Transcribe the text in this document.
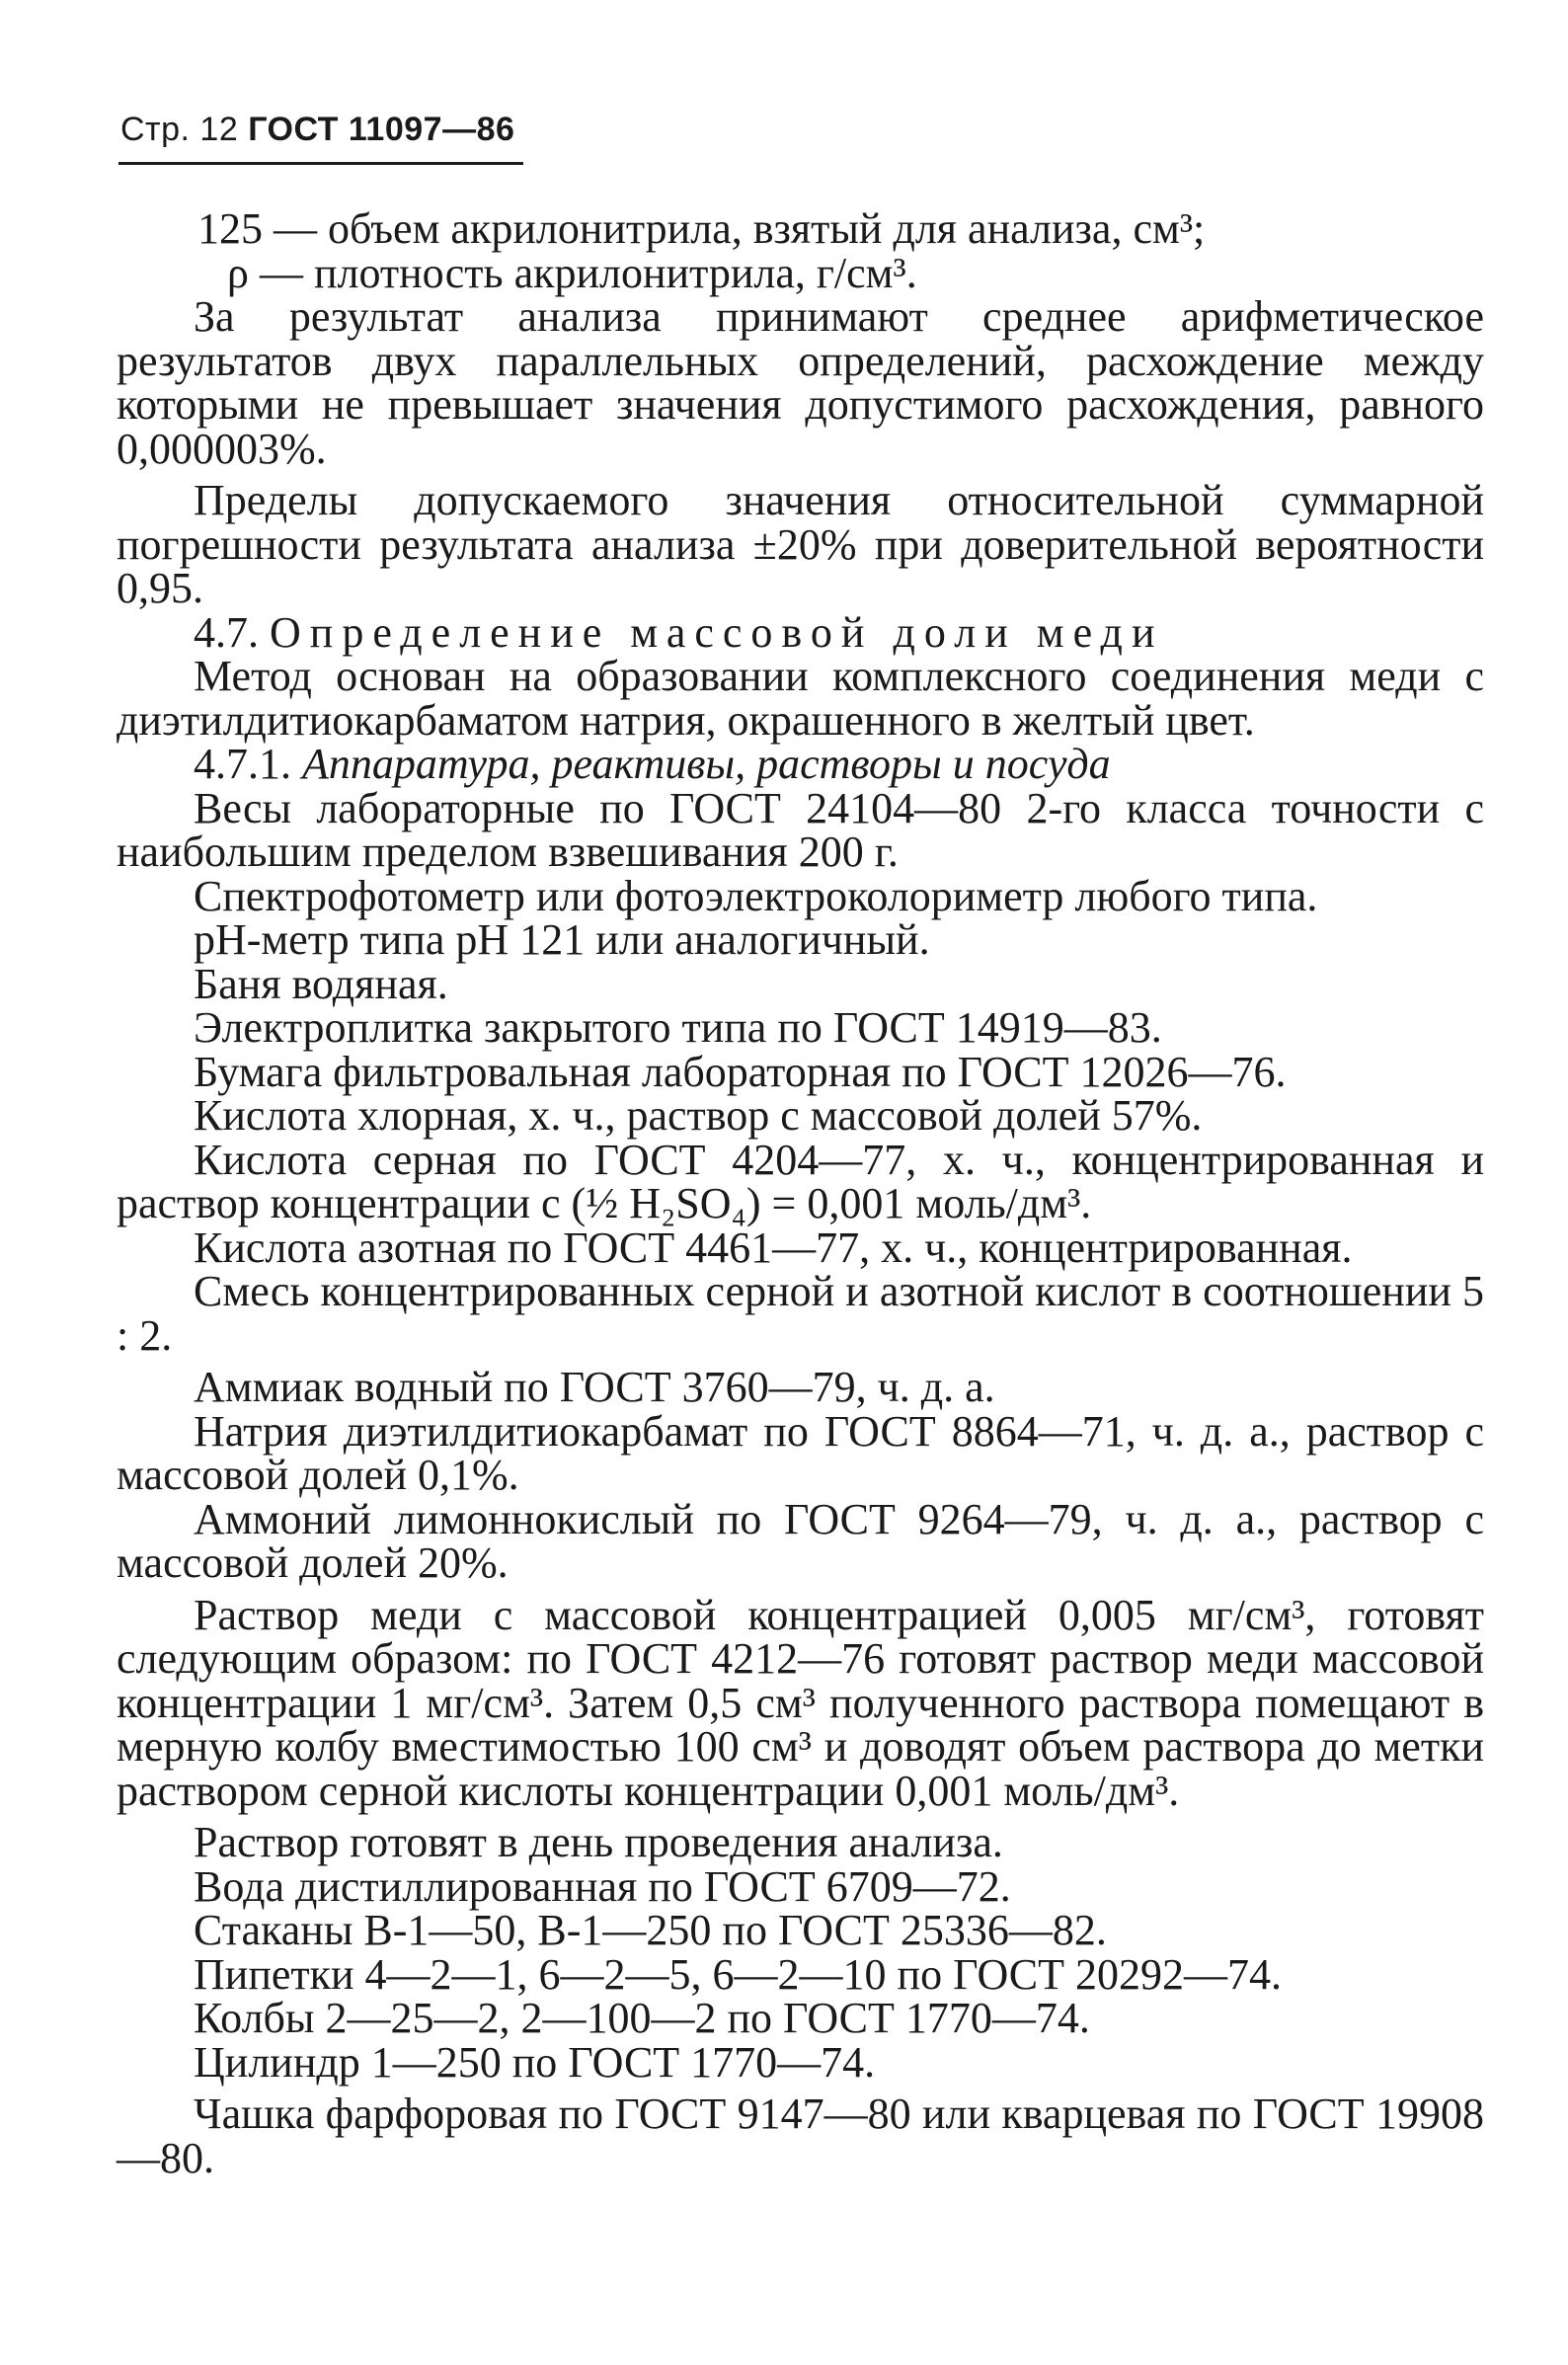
Стр. 12 ГОСТ 11097—86

125 — объем акрилонитрила, взятый для анализа, см³;

ρ — плотность акрилонитрила, г/см³.

За результат анализа принимают среднее арифметическое результатов двух параллельных определений, расхождение между которыми не превышает значения допустимого расхождения, равного 0,000003%.

Пределы допускаемого значения относительной суммарной погрешности результата анализа ±20% при доверительной вероятности 0,95.

4.7. Определение массовой доли меди

Метод основан на образовании комплексного соединения меди с диэтилдитиокарбаматом натрия, окрашенного в желтый цвет.

4.7.1. Аппаратура, реактивы, растворы и посуда

Весы лабораторные по ГОСТ 24104—80 2-го класса точности с наибольшим пределом взвешивания 200 г.

Спектрофотометр или фотоэлектроколориметр любого типа.

pH-метр типа pH 121 или аналогичный.

Баня водяная.

Электроплитка закрытого типа по ГОСТ 14919—83.

Бумага фильтровальная лабораторная по ГОСТ 12026—76.

Кислота хлорная, х. ч., раствор с массовой долей 57%.

Кислота серная по ГОСТ 4204—77, х. ч., концентрированная и раствор концентрации с (½ H₂SO₄) = 0,001 моль/дм³.

Кислота азотная по ГОСТ 4461—77, х. ч., концентрированная.

Смесь концентрированных серной и азотной кислот в соотношении 5 : 2.

Аммиак водный по ГОСТ 3760—79, ч. д. а.

Натрия диэтилдитиокарбамат по ГОСТ 8864—71, ч. д. а., раствор с массовой долей 0,1%.

Аммоний лимоннокислый по ГОСТ 9264—79, ч. д. а., раствор с массовой долей 20%.

Раствор меди с массовой концентрацией 0,005 мг/см³, готовят следующим образом: по ГОСТ 4212—76 готовят раствор меди массовой концентрации 1 мг/см³. Затем 0,5 см³ полученного раствора помещают в мерную колбу вместимостью 100 см³ и доводят объем раствора до метки раствором серной кислоты концентрации 0,001 моль/дм³.

Раствор готовят в день проведения анализа.

Вода дистиллированная по ГОСТ 6709—72.

Стаканы В-1—50, В-1—250 по ГОСТ 25336—82.

Пипетки 4—2—1, 6—2—5, 6—2—10 по ГОСТ 20292—74.

Колбы 2—25—2, 2—100—2 по ГОСТ 1770—74.

Цилиндр 1—250 по ГОСТ 1770—74.

Чашка фарфоровая по ГОСТ 9147—80 или кварцевая по ГОСТ 19908—80.
